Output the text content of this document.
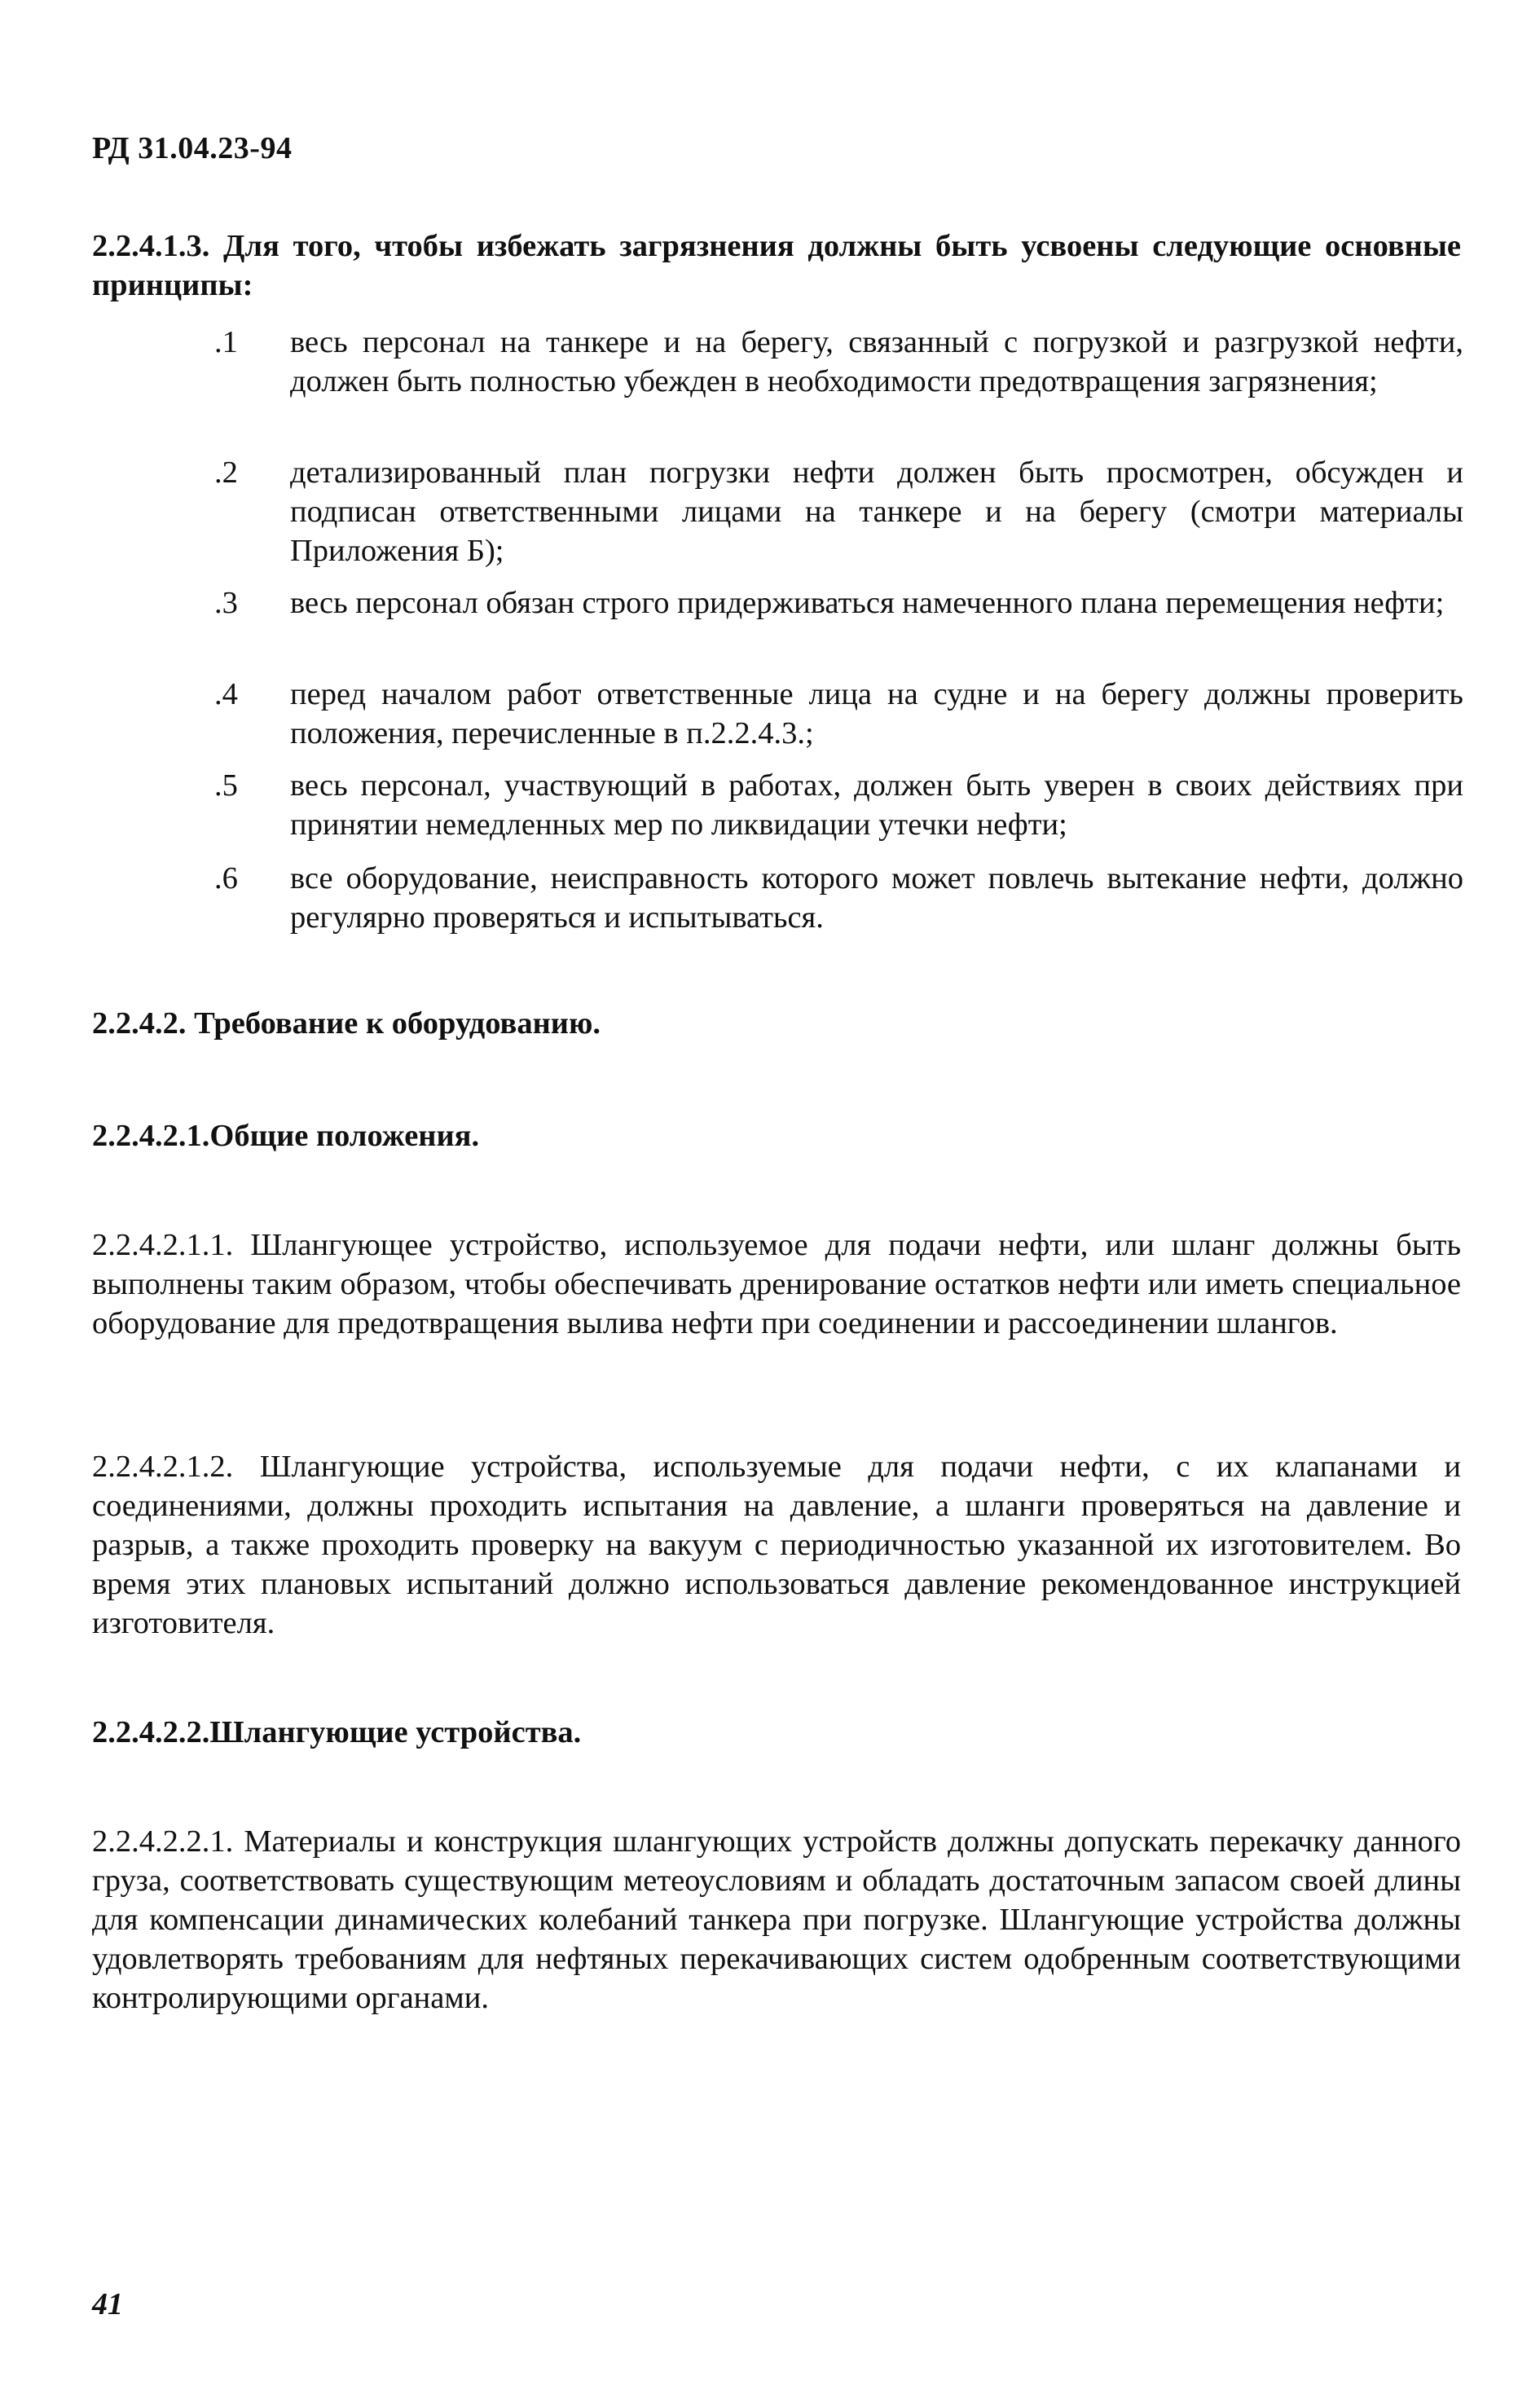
РД 31.04.23-94
2.2.4.1.3. Для того, чтобы избежать загрязнения должны быть усвоены следующие основные принципы:
.1	весь персонал на танкере и на берегу, связанный с погрузкой и разгрузкой нефти, должен быть полностью убежден в необходимости предотвращения загрязнения;
.2	детализированный план погрузки нефти должен быть просмотрен, обсужден и подписан ответственными лицами на танкере и на берегу (смотри материалы Приложения Б);
.3	весь персонал обязан строго придерживаться намеченного плана перемещения нефти;
.4	перед началом работ ответственные лица на судне и на берегу должны проверить положения, перечисленные в п.2.2.4.3.;
.5	весь персонал, участвующий в работах, должен быть уверен в своих действиях при принятии немедленных мер по ликвидации утечки нефти;
.6	все оборудование, неисправность которого может повлечь вытекание нефти, должно регулярно проверяться и испытываться.
2.2.4.2. Требование к оборудованию.
2.2.4.2.1.Общие положения.
2.2.4.2.1.1. Шлангующее устройство, используемое для подачи нефти, или шланг должны быть выполнены таким образом, чтобы обеспечивать дренирование остатков нефти или иметь специальное оборудование для предотвращения вылива нефти при соединении и рассоединении шлангов.
2.2.4.2.1.2. Шлангующие устройства, используемые для подачи нефти, с их клапанами и соединениями, должны проходить испытания на давление, а шланги проверяться на давление и разрыв, а также проходить проверку на вакуум с периодичностью указанной их изготовителем. Во время этих плановых испытаний должно использоваться давление рекомендованное инструкцией изготовителя.
2.2.4.2.2.Шлангующие устройства.
2.2.4.2.2.1. Материалы и конструкция шлангующих устройств должны допускать перекачку данного груза, соответствовать существующим метеоусловиям и обладать достаточным запасом своей длины для компенсации динамических колебаний танкера при погрузке. Шлангующие устройства должны удовлетворять требованиям для нефтяных перекачивающих систем одобренным соответствующими контролирующими органами.
41
